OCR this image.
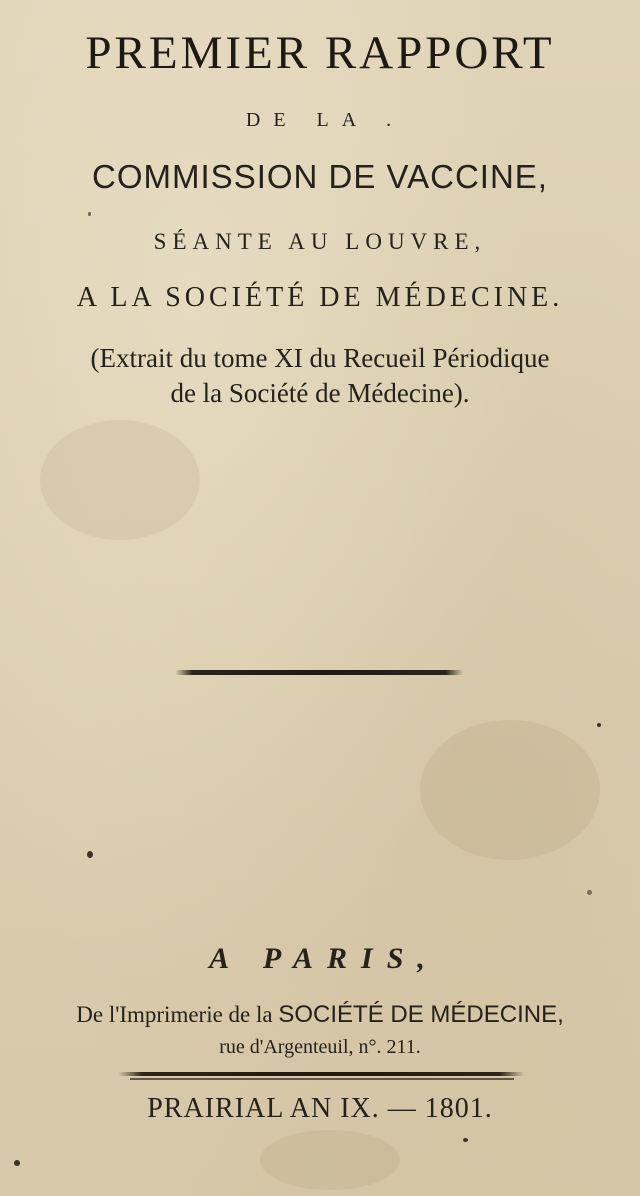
PREMIER RAPPORT
DE LA .
COMMISSION DE VACCINE,
SÉANTE AU LOUVRE,
A LA SOCIÉTÉ DE MÉDECINE.
(Extrait du tome XI du Recueil Périodique
de la Société de Médecine).
A PARIS,
De l'Imprimerie de la SOCIÉTÉ DE MÉDECINE,
rue d'Argenteuil, n°. 211.
PRAIRIAL AN IX. — 1801.
